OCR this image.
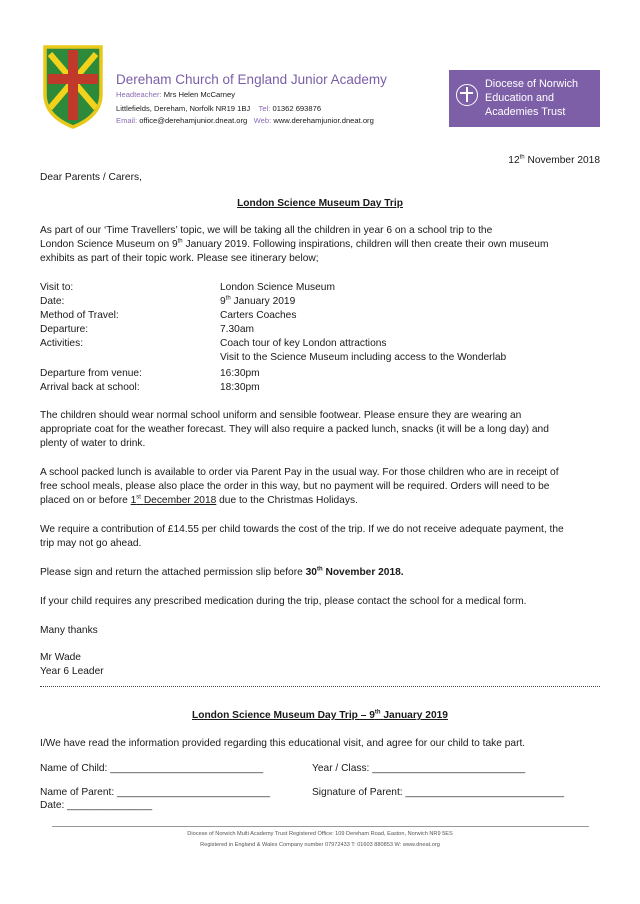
Dereham Church of England Junior Academy
Headteacher: Mrs Helen McCarney
Littlefields, Dereham, Norfolk NR19 1BJ Tel: 01362 693876
Email: office@derehamjunior.dneat.org Web: www.derehamjunior.dneat.org
Diocese of Norwich
Education and
Academies Trust
12th November 2018
Dear Parents / Carers,
London Science Museum Day Trip
As part of our ‘Time Travellers’ topic, we will be taking all the children in year 6 on a school trip to the
London Science Museum on 9th January 2019. Following inspirations, children will then create their own museum
exhibits as part of their topic work. Please see itinerary below;
Visit to:	London Science Museum
Date:	9th January 2019
Method of Travel:	Carters Coaches
Departure:	7.30am
Activities:	Coach tour of key London attractions
Visit to the Science Museum including access to the Wonderlab
Departure from venue:	16:30pm
Arrival back at school:	18:30pm
The children should wear normal school uniform and sensible footwear. Please ensure they are wearing an
appropriate coat for the weather forecast. They will also require a packed lunch, snacks (it will be a long day) and
plenty of water to drink.
A school packed lunch is available to order via Parent Pay in the usual way. For those children who are in receipt of
free school meals, please also place the order in this way, but no payment will be required. Orders will need to be
placed on or before 1st December 2018 due to the Christmas Holidays.
We require a contribution of £14.55 per child towards the cost of the trip. If we do not receive adequate payment, the
trip may not go ahead.
Please sign and return the attached permission slip before 30th November 2018.
If your child requires any prescribed medication during the trip, please contact the school for a medical form.
Many thanks
Mr Wade
Year 6 Leader
London Science Museum Day Trip – 9th January 2019
I/We have read the information provided regarding this educational visit, and agree for our child to take part.
Name of Child: ___________________________	Year / Class: ___________________________
Name of Parent: ___________________________	Signature of Parent: ____________________________
Date: _______________
Diocese of Norwich Multi Academy Trust Registered Office: 109 Dereham Road, Easton, Norwich NR9 5ES
Registered in England & Wales Company number 07972433 T: 01603 880853 W: www.dneat.org
